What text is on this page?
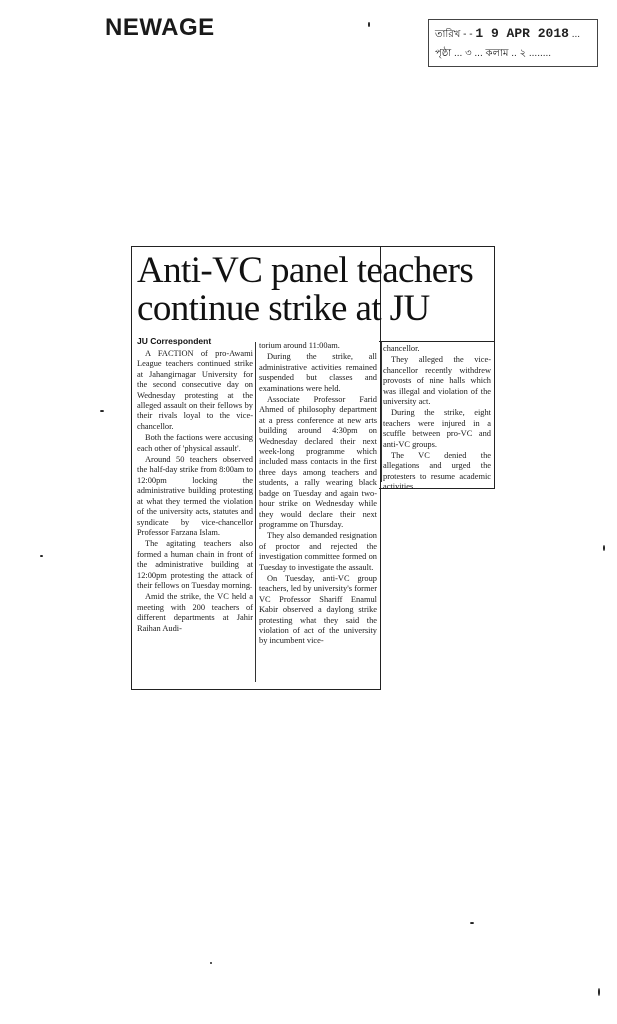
NEWAGE	তারিখ - - 1 9 APR 2018 ...
পৃষ্ঠা ... ৩ ... কলাম .. ২ ........
Anti-VC panel teachers
continue strike at JU
JU Correspondent

A FACTION of pro-Awami League teachers continued strike at Jahangirnagar University for the second consecutive day on Wednesday protesting at the alleged assault on their fellows by their rivals loyal to the vice-chancellor.

Both the factions were accusing each other of 'physical assault'.

Around 50 teachers observed the half-day strike from 8:00am to 12:00pm locking the administrative building protesting at what they termed the violation of the university acts, statutes and syndicate by vice-chancellor Professor Farzana Islam.

The agitating teachers also formed a human chain in front of the administrative building at 12:00pm protesting the attack of their fellows on Tuesday morning.

Amid the strike, the VC held a meeting with 200 teachers of different departments at Jahir Raihan Audi-

torium around 11:00am.

During the strike, all administrative activities remained suspended but classes and examinations were held.

Associate Professor Farid Ahmed of philosophy department at a press conference at new arts building around 4:30pm on Wednesday declared their next week-long programme which included mass contacts in the first three days among teachers and students, a rally wearing black badge on Tuesday and again two-hour strike on Wednesday while they would declare their next programme on Thursday.

They also demanded resignation of proctor and rejected the investigation committee formed on Tuesday to investigate the assault.

On Tuesday, anti-VC group teachers, led by university's former VC Professor Shariff Enamul Kabir observed a daylong strike protesting what they said the violation of act of the university by incumbent vice-

chancellor.

They alleged the vice-chancellor recently withdrew provosts of nine halls which was illegal and violation of the university act.

During the strike, eight teachers were injured in a scuffle between pro-VC and anti-VC groups.

The VC denied the allegations and urged the protesters to resume academic activities.
